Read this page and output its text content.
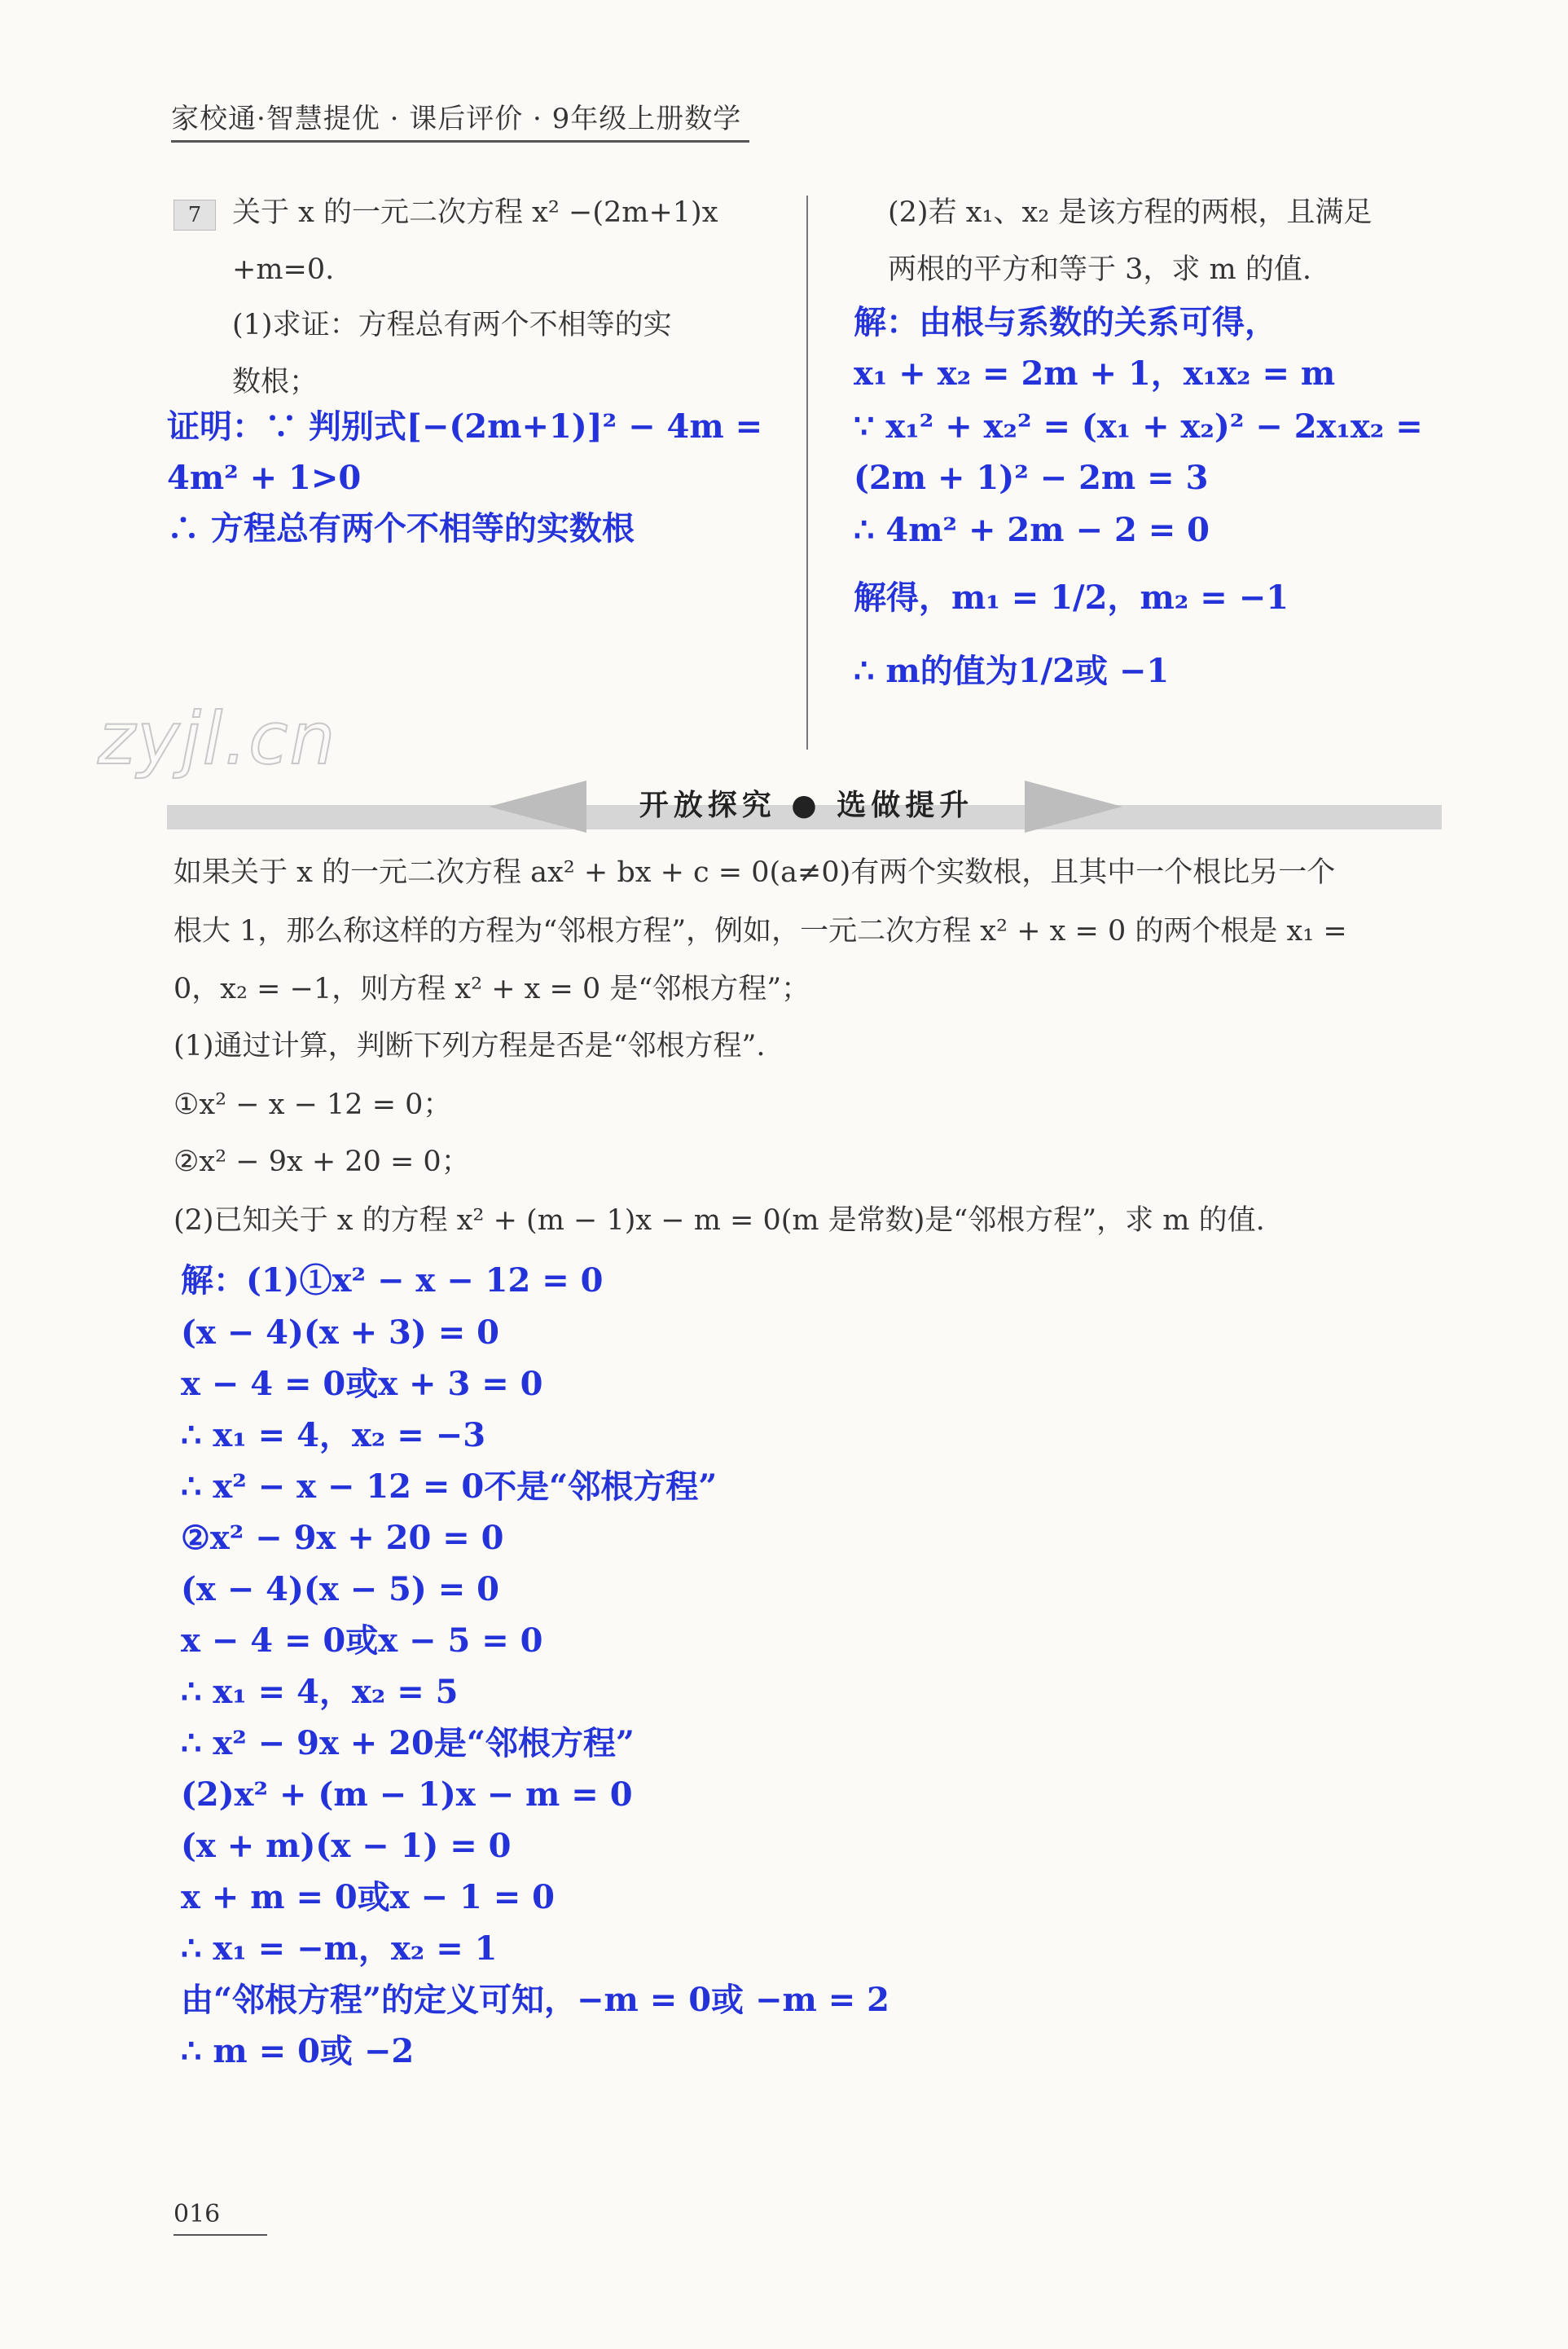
家校通·智慧提优 · 课后评价 · 9年级上册数学
7	关于 x 的一元二次方程 x² −(2m+1)x
+m=0.
(1)求证：方程总有两个不相等的实
数根；
证明：∵ 判别式[−(2m+1)]² − 4m =
4m² + 1>0
∴ 方程总有两个不相等的实数根
(2)若 x₁、x₂ 是该方程的两根，且满足
两根的平方和等于 3，求 m 的值.
解：由根与系数的关系可得，
x₁ + x₂ = 2m + 1，x₁x₂ = m
∵ x₁² + x₂² = (x₁ + x₂)² − 2x₁x₂ =
(2m + 1)² − 2m = 3
∴ 4m² + 2m − 2 = 0
解得，m₁ = 1/2，m₂ = −1
∴ m的值为1/2或 −1
zyjl.cn
开放探究 ● 选做提升
如果关于 x 的一元二次方程 ax² + bx + c = 0(a≠0)有两个实数根，且其中一个根比另一个
根大 1，那么称这样的方程为“邻根方程”，例如，一元二次方程 x² + x = 0 的两个根是 x₁ =
0，x₂ = −1，则方程 x² + x = 0 是“邻根方程”；
(1)通过计算，判断下列方程是否是“邻根方程”.
①x² − x − 12 = 0；
②x² − 9x + 20 = 0；
(2)已知关于 x 的方程 x² + (m − 1)x − m = 0(m 是常数)是“邻根方程”，求 m 的值.
解：(1)①x² − x − 12 = 0
(x − 4)(x + 3) = 0
x − 4 = 0或x + 3 = 0
∴ x₁ = 4，x₂ = −3
∴ x² − x − 12 = 0不是“邻根方程”
②x² − 9x + 20 = 0
(x − 4)(x − 5) = 0
x − 4 = 0或x − 5 = 0
∴ x₁ = 4，x₂ = 5
∴ x² − 9x + 20是“邻根方程”
(2)x² + (m − 1)x − m = 0
(x + m)(x − 1) = 0
x + m = 0或x − 1 = 0
∴ x₁ = −m，x₂ = 1
由“邻根方程”的定义可知，−m = 0或 −m = 2
∴ m = 0或 −2
016
